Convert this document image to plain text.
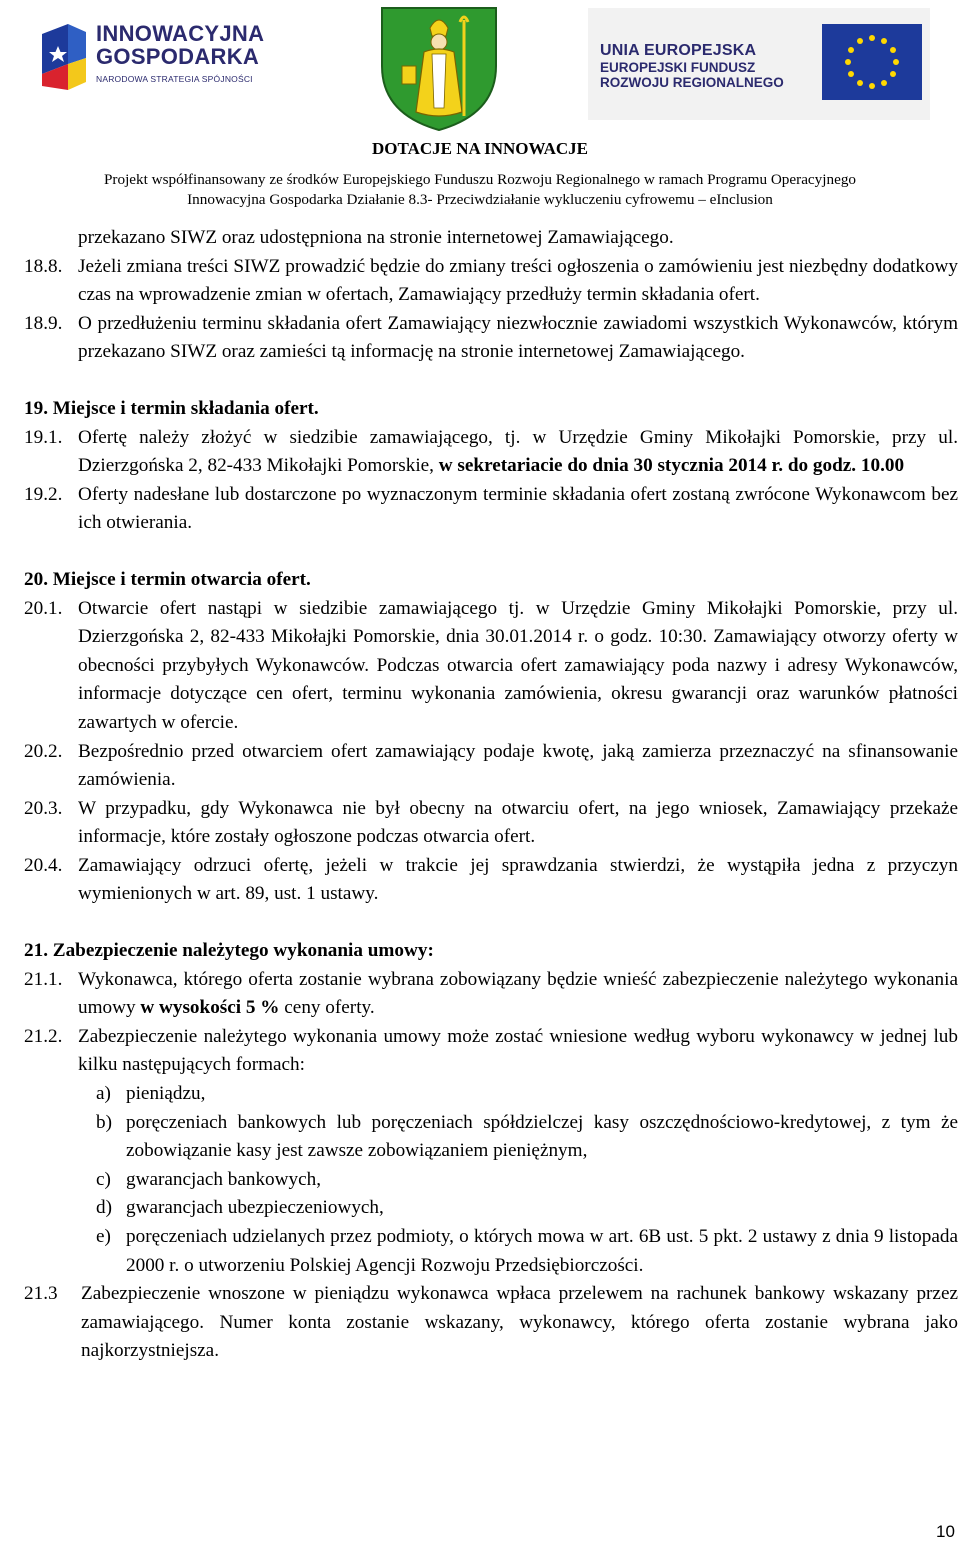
INNOWACYJNA
GOSPODARKA
NARODOWA STRATEGIA SPÓJNOŚCI
UNIA EUROPEJSKA
EUROPEJSKI FUNDUSZ
ROZWOJU REGIONALNEGO
DOTACJE NA INNOWACJE
Projekt współfinansowany ze środków Europejskiego Funduszu Rozwoju Regionalnego w ramach Programu Operacyjnego
Innowacyjna Gospodarka Działanie 8.3- Przeciwdziałanie wykluczeniu cyfrowemu – eInclusion
przekazano SIWZ oraz udostępniona na stronie internetowej Zamawiającego.
18.8. Jeżeli zmiana treści SIWZ prowadzić będzie do zmiany treści ogłoszenia o zamówieniu jest niezbędny dodatkowy czas na wprowadzenie zmian w ofertach, Zamawiający przedłuży termin składania ofert.
18.9. O przedłużeniu terminu składania ofert Zamawiający niezwłocznie zawiadomi wszystkich Wykonawców, którym przekazano SIWZ oraz zamieści tą informację na stronie internetowej Zamawiającego.
19. Miejsce i termin składania ofert.
19.1. Ofertę należy złożyć w siedzibie zamawiającego, tj. w Urzędzie Gminy Mikołajki Pomorskie, przy ul. Dzierzgońska 2, 82-433 Mikołajki Pomorskie, w sekretariacie do dnia 30 stycznia 2014 r. do godz. 10.00
19.2. Oferty nadesłane lub dostarczone po wyznaczonym terminie składania ofert zostaną zwrócone Wykonawcom bez ich otwierania.
20. Miejsce i termin otwarcia ofert.
20.1. Otwarcie ofert nastąpi w siedzibie zamawiającego tj. w Urzędzie Gminy Mikołajki Pomorskie, przy ul. Dzierzgońska 2, 82-433 Mikołajki Pomorskie, dnia 30.01.2014 r. o godz. 10:30. Zamawiający otworzy oferty w obecności przybyłych Wykonawców. Podczas otwarcia ofert zamawiający poda nazwy i adresy Wykonawców, informacje dotyczące cen ofert, terminu wykonania zamówienia, okresu gwarancji oraz warunków płatności zawartych w ofercie.
20.2. Bezpośrednio przed otwarciem ofert zamawiający podaje kwotę, jaką zamierza przeznaczyć na sfinansowanie zamówienia.
20.3. W przypadku, gdy Wykonawca nie był obecny na otwarciu ofert, na jego wniosek, Zamawiający przekaże informacje, które zostały ogłoszone podczas otwarcia ofert.
20.4. Zamawiający odrzuci ofertę, jeżeli w trakcie jej sprawdzania stwierdzi, że wystąpiła jedna z przyczyn wymienionych w art. 89, ust. 1 ustawy.
21. Zabezpieczenie należytego wykonania umowy:
21.1. Wykonawca, którego oferta zostanie wybrana zobowiązany będzie wnieść zabezpieczenie należytego wykonania umowy w wysokości 5 % ceny oferty.
21.2. Zabezpieczenie należytego wykonania umowy może zostać wniesione według wyboru wykonawcy w jednej lub kilku następujących formach:
a) pieniądzu,
b) poręczeniach bankowych lub poręczeniach spółdzielczej kasy oszczędnościowo-kredytowej, z tym że zobowiązanie kasy jest zawsze zobowiązaniem pieniężnym,
c) gwarancjach bankowych,
d) gwarancjach ubezpieczeniowych,
e) poręczeniach udzielanych przez podmioty, o których mowa w art. 6B ust. 5 pkt. 2 ustawy z dnia 9 listopada 2000 r. o utworzeniu Polskiej Agencji Rozwoju Przedsiębiorczości.
21.3 Zabezpieczenie wnoszone w pieniądzu wykonawca wpłaca przelewem na rachunek bankowy wskazany przez zamawiającego. Numer konta zostanie wskazany, wykonawcy, którego oferta zostanie wybrana jako najkorzystniejsza.
10
